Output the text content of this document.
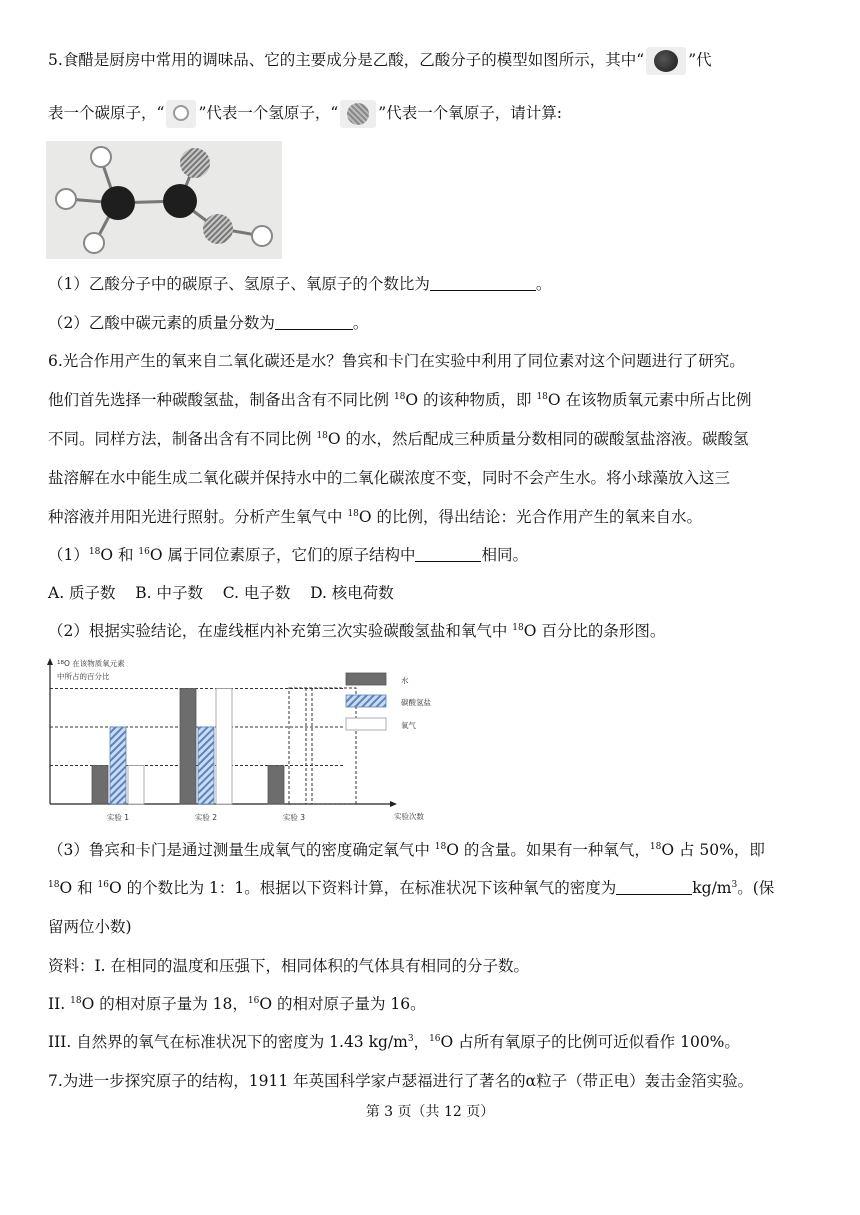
5.食醋是厨房中常用的调味品、它的主要成分是乙酸，乙酸分子的模型如图所示，其中“	”代
表一个碳原子，“ ”代表一个氢原子，“	”代表一个氧原子，请计算:
（1）乙酸分子中的碳原子、氢原子、氧原子的个数比为	。
（2）乙酸中碳元素的质量分数为	。
6.光合作用产生的氧来自二氧化碳还是水？鲁宾和卡门在实验中利用了同位素对这个问题进行了研究。
他们首先选择一种碳酸氢盐，制备出含有不同比例 $^{18}$O 的该种物质，即 $^{18}$O 在该物质氧元素中所占比例
不同。同样方法，制备出含有不同比例 $^{18}$O 的水，然后配成三种质量分数相同的碳酸氢盐溶液。碳酸氢
盐溶解在水中能生成二氧化碳并保持水中的二氧化碳浓度不变，同时不会产生水。将小球藻放入这三
种溶液并用阳光进行照射。分析产生氧气中 $^{18}$O 的比例，得出结论：光合作用产生的氧来自水。
$(1)^{18}O$ 和 $^{16}$O 属于同位素原子，它们的原子结构中	相同。
A. 质子数    B. 中子数    C. 电子数    D. 核电荷数
（2）根据实验结论，在虚线框内补充第三次实验碳酸氢盐和氧气中 $^{18}$O 百分比的条形图。
$^{18}$O 在该物质氧元素
中所占的百分比
实验次数
实验 1	实验 2	实验 3
水
碳酸氢盐
氧气
（3）鲁宾和卡门是通过测量生成氧气的密度确定氧气中 $^{18}$O 的含量。如果有一种氧气，$^{18}$O 占 50%，即
$^{18}$O 和 $^{16}$O 的个数比为 1：1。根据以下资料计算，在标准状况下该种氧气的密度为	$kg/m^3$。(保
留两位小数)
资料：I. 在相同的温度和压强下，相同体积的气体具有相同的分子数。
II. $^{18}$O 的相对原子量为 18，$^{16}$O 的相对原子量为 16。
III. 自然界的氧气在标准状况下的密度为 1.43 $kg/m^3$，$^{16}$O 占所有氧原子的比例可近似看作 100%。
7.为进一步探究原子的结构，1911 年英国科学家卢瑟福进行了著名的α粒子（带正电）轰击金箔实验。
第 3 页（共 12 页）
